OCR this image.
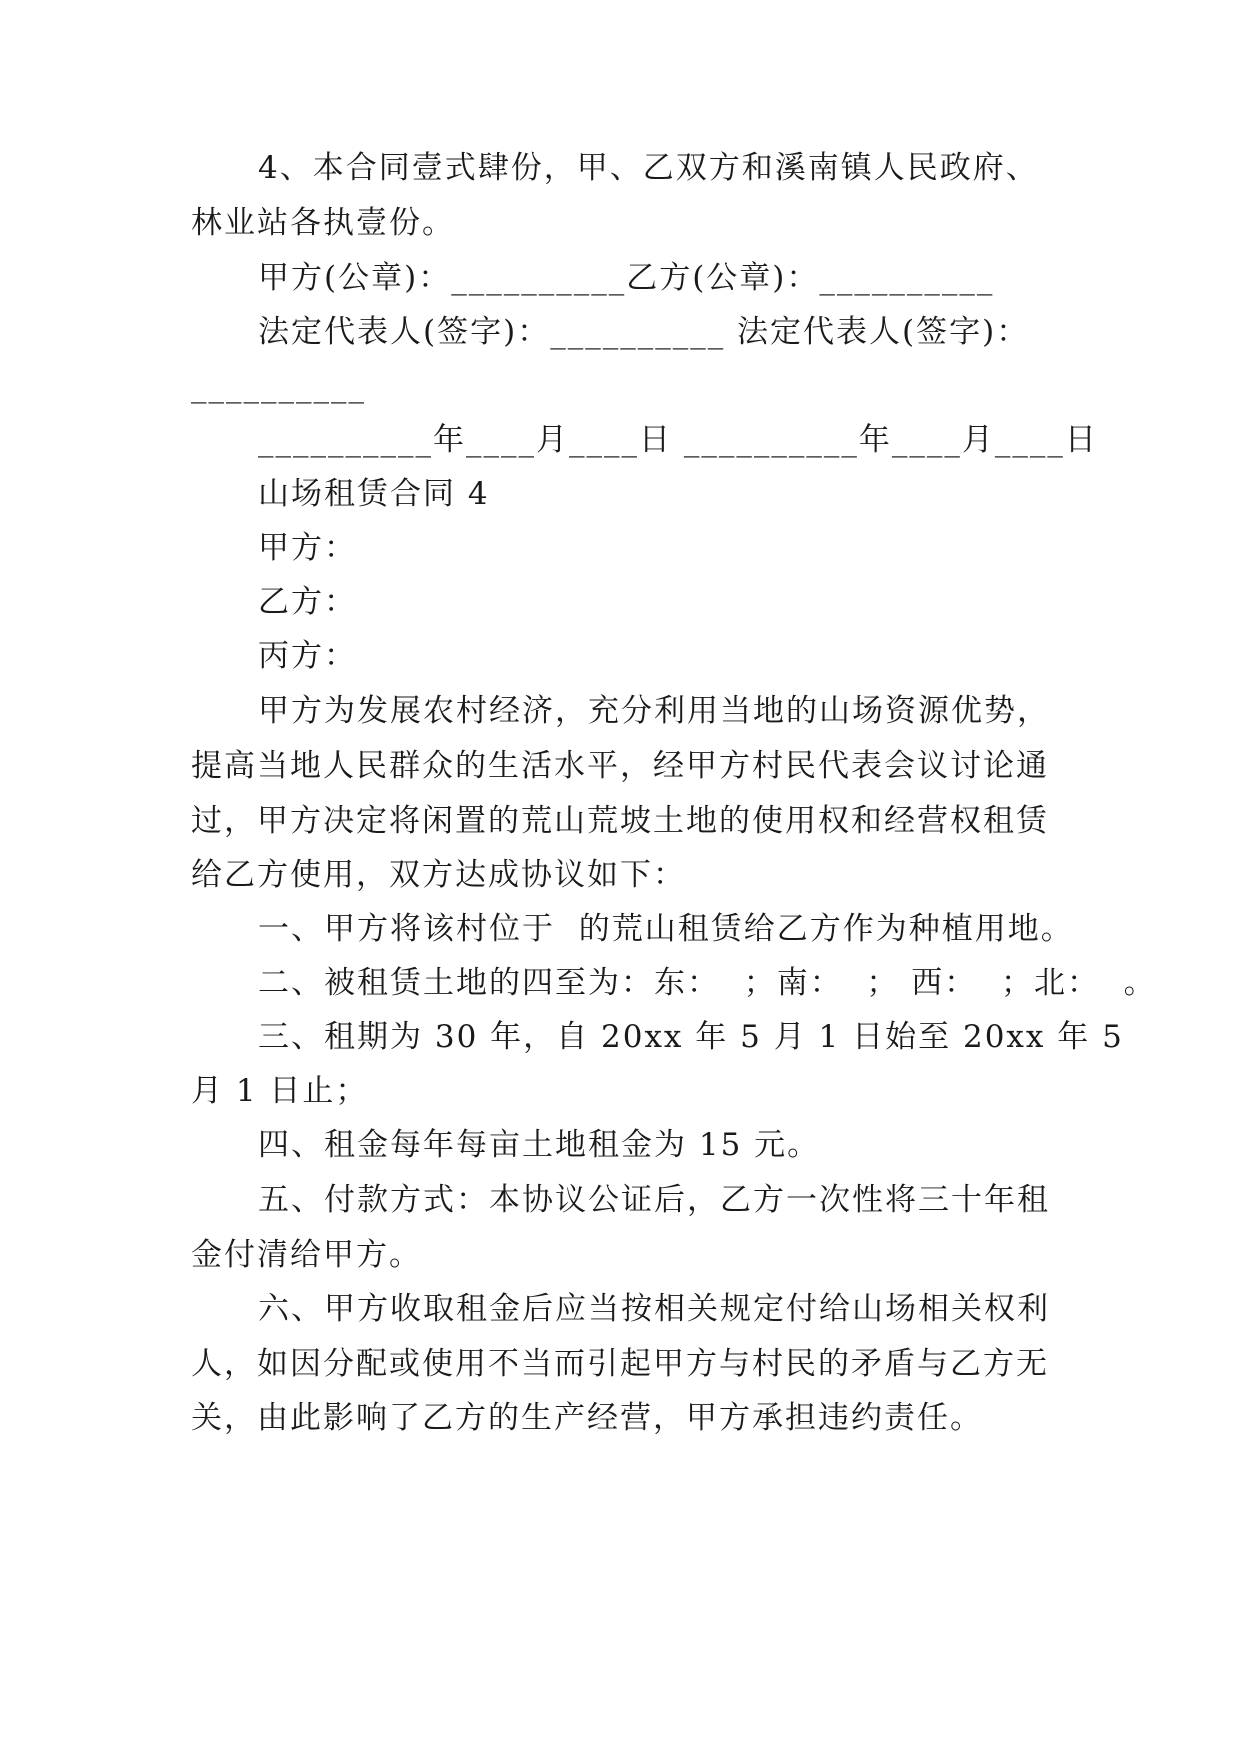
4、本合同壹式肆份，甲、乙双方和溪南镇人民政府、
林业站各执壹份。
甲方(公章)：__________乙方(公章)：__________
法定代表人(签字)：__________ 法定代表人(签字)：
__________
__________年____月____日 __________年____月____日
山场租赁合同 4
甲方：
乙方：
丙方：
甲方为发展农村经济，充分利用当地的山场资源优势，
提高当地人民群众的生活水平，经甲方村民代表会议讨论通
过，甲方决定将闲置的荒山荒坡土地的使用权和经营权租赁
给乙方使用，双方达成协议如下：
一、甲方将该村位于  的荒山租赁给乙方作为种植用地。
二、被租赁土地的四至为：东：  ；南：  ； 西：  ；北：  。
三、租期为 30 年，自 20xx 年 5 月 1 日始至 20xx 年 5
月 1 日止；
四、租金每年每亩土地租金为 15 元。
五、付款方式：本协议公证后，乙方一次性将三十年租
金付清给甲方。
六、甲方收取租金后应当按相关规定付给山场相关权利
人，如因分配或使用不当而引起甲方与村民的矛盾与乙方无
关，由此影响了乙方的生产经营，甲方承担违约责任。
